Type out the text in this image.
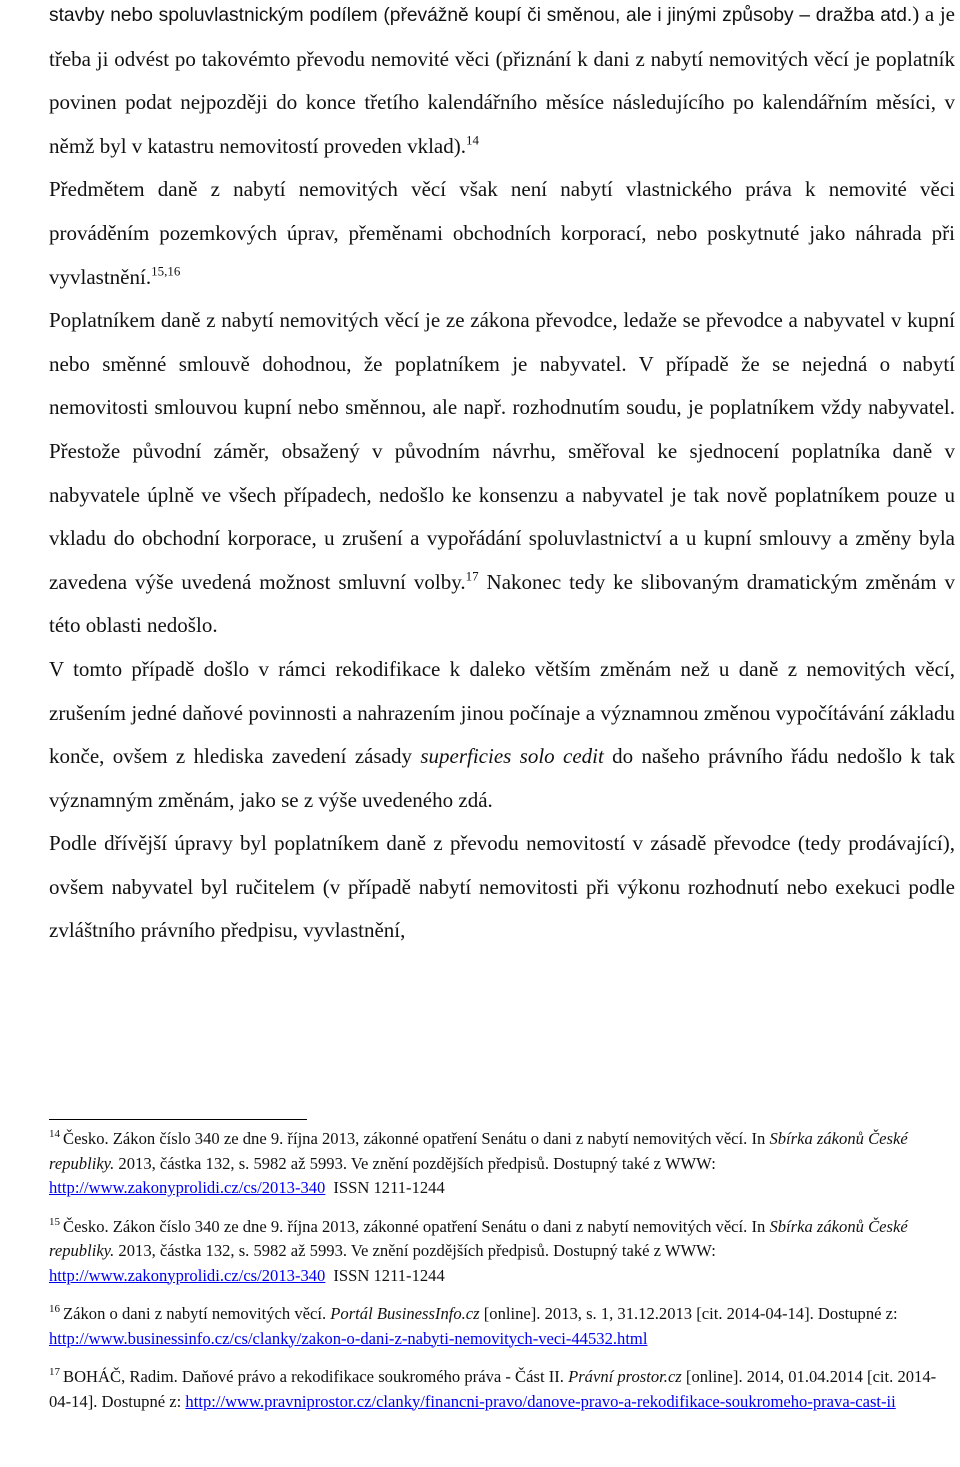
stavby nebo spoluvlastnickým podílem (převážně koupí či směnou, ale i jinými způsoby – dražba atd.) a je třeba ji odvést po takovémto převodu nemovité věci (přiznání k dani z nabytí nemovitých věcí je poplatník povinen podat nejpozději do konce třetího kalendářního měsíce následujícího po kalendářním měsíci, v němž byl v katastru nemovitostí proveden vklad).$^{14}$

Předmětem daně z nabytí nemovitých věcí však není nabytí vlastnického práva k nemovité věci prováděním pozemkových úprav, přeměnami obchodních korporací, nebo poskytnuté jako náhrada při vyvlastnění.$^{15,16}$

Poplatníkem daně z nabytí nemovitých věcí je ze zákona převodce, ledaže se převodce a nabyvatel v kupní nebo směnné smlouvě dohodnou, že poplatníkem je nabyvatel. V případě že se nejedná o nabytí nemovitosti smlouvou kupní nebo směnnou, ale např. rozhodnutím soudu, je poplatníkem vždy nabyvatel. Přestože původní záměr, obsažený v původním návrhu, směřoval ke sjednocení poplatníka daně v nabyvatele úplně ve všech případech, nedošlo ke konsenzu a nabyvatel je tak nově poplatníkem pouze u vkladu do obchodní korporace, u zrušení a vypořádání spoluvlastnictví a u kupní smlouvy a změny byla zavedena výše uvedená možnost smluvní volby.$^{17}$ Nakonec tedy ke slibovaným dramatickým změnám v této oblasti nedošlo.

V tomto případě došlo v rámci rekodifikace k daleko větším změnám než u daně z nemovitých věcí, zrušením jedné daňové povinnosti a nahrazením jinou počínaje a významnou změnou vypočítávání základu konče, ovšem z hlediska zavedení zásady superficies solo cedit do našeho právního řádu nedošlo k tak významným změnám, jako se z výše uvedeného zdá.

Podle dřívější úpravy byl poplatníkem daně z převodu nemovitostí v zásadě převodce (tedy prodávající), ovšem nabyvatel byl ručitelem (v případě nabytí nemovitosti při výkonu rozhodnutí nebo exekuci podle zvláštního právního předpisu, vyvlastnění,

$^{14}$ Česko. Zákon číslo 340 ze dne 9. října 2013, zákonné opatření Senátu o dani z nabytí nemovitých věcí. In Sbírka zákonů České republiky. 2013, částka 132, s. 5982 až 5993. Ve znění pozdějších předpisů. Dostupný také z WWW: http://www.zakonyprolidi.cz/cs/2013-340 ISSN 1211-1244

$^{15}$ Česko. Zákon číslo 340 ze dne 9. října 2013, zákonné opatření Senátu o dani z nabytí nemovitých věcí. In Sbírka zákonů České republiky. 2013, částka 132, s. 5982 až 5993. Ve znění pozdějších předpisů. Dostupný také z WWW: http://www.zakonyprolidi.cz/cs/2013-340 ISSN 1211-1244

$^{16}$ Zákon o dani z nabytí nemovitých věcí. Portál BusinessInfo.cz [online]. 2013, s. 1, 31.12.2013 [cit. 2014-04-14]. Dostupné z: http://www.businessinfo.cz/cs/clanky/zakon-o-dani-z-nabyti-nemovitych-veci-44532.html

$^{17}$ BOHÁČ, Radim. Daňové právo a rekodifikace soukromého práva - Část II. Právní prostor.cz [online]. 2014, 01.04.2014 [cit. 2014-04-14]. Dostupné z: http://www.pravniprostor.cz/clanky/financni-pravo/danove-pravo-a-rekodifikace-soukromeho-prava-cast-ii
